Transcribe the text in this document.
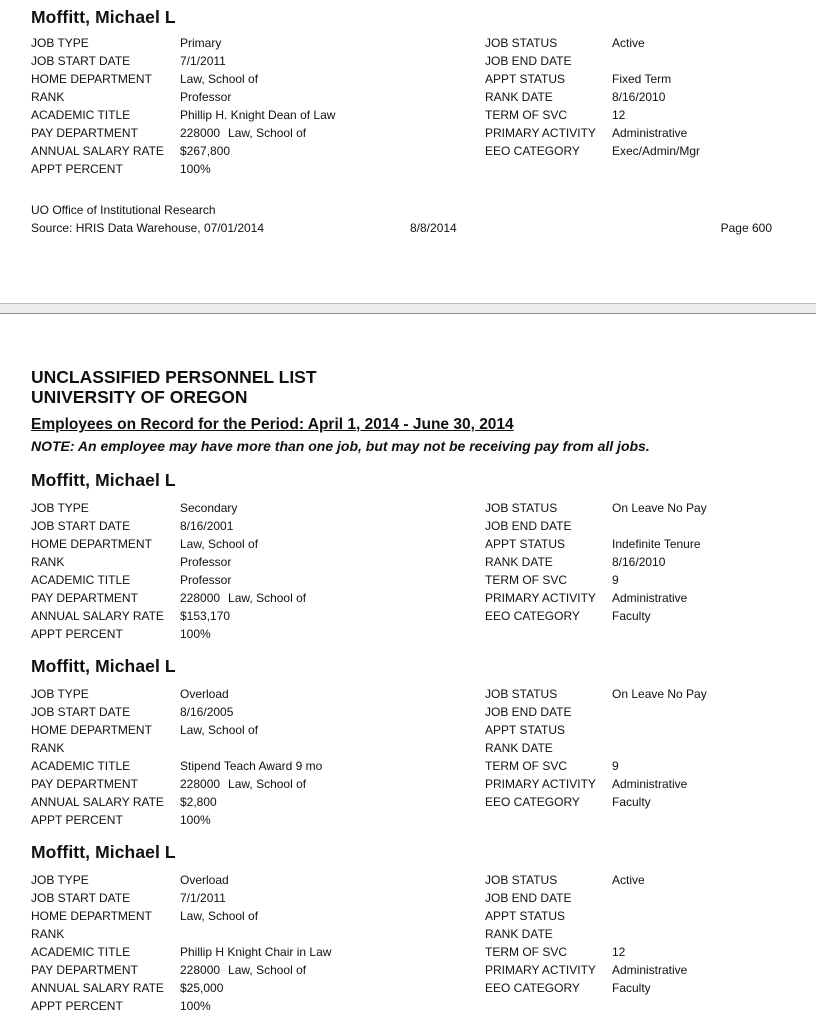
Moffitt, Michael L
JOB TYPE	Primary	JOB STATUS	Active
JOB START DATE	7/1/2011	JOB END DATE
HOME DEPARTMENT Law, School of	APPT STATUS	Fixed Term
RANK	Professor	RANK DATE	8/16/2010
ACADEMIC TITLE	Phillip H. Knight Dean of Law	TERM OF SVC	12
PAY DEPARTMENT	228000 Law, School of	PRIMARY ACTIVITY Administrative
ANNUAL SALARY RATE $267,800	EEO CATEGORY	Exec/Admin/Mgr
APPT PERCENT	100%
UO Office of Institutional Research
Source: HRIS Data Warehouse, 07/01/2014	8/8/2014	Page 600
UNCLASSIFIED PERSONNEL LIST
UNIVERSITY OF OREGON

Employees on Record for the Period: April 1, 2014 - June 30, 2014

NOTE: An employee may have more than one job, but may not be receiving pay from all jobs.

Moffitt, Michael L
JOB TYPE	Secondary	JOB STATUS	On Leave No Pay
JOB START DATE	8/16/2001	JOB END DATE
HOME DEPARTMENT Law, School of	APPT STATUS	Indefinite Tenure
RANK	Professor	RANK DATE	8/16/2010
ACADEMIC TITLE	Professor	TERM OF SVC	9
PAY DEPARTMENT	228000 Law, School of	PRIMARY ACTIVITY Administrative
ANNUAL SALARY RATE $153,170	EEO CATEGORY	Faculty
APPT PERCENT	100%
Moffitt, Michael L
JOB TYPE	Overload	JOB STATUS	On Leave No Pay
JOB START DATE	8/16/2005	JOB END DATE
HOME DEPARTMENT Law, School of	APPT STATUS
RANK	RANK DATE
ACADEMIC TITLE	Stipend Teach Award 9 mo	TERM OF SVC	9
PAY DEPARTMENT	228000 Law, School of	PRIMARY ACTIVITY Administrative
ANNUAL SALARY RATE $2,800	EEO CATEGORY	Faculty
APPT PERCENT	100%
Moffitt, Michael L
JOB TYPE	Overload	JOB STATUS	Active
JOB START DATE	7/1/2011	JOB END DATE
HOME DEPARTMENT Law, School of	APPT STATUS
RANK	RANK DATE
ACADEMIC TITLE	Phillip H Knight Chair in Law	TERM OF SVC	12
PAY DEPARTMENT	228000 Law, School of	PRIMARY ACTIVITY Administrative
ANNUAL SALARY RATE $25,000	EEO CATEGORY	Faculty
APPT PERCENT	100%
